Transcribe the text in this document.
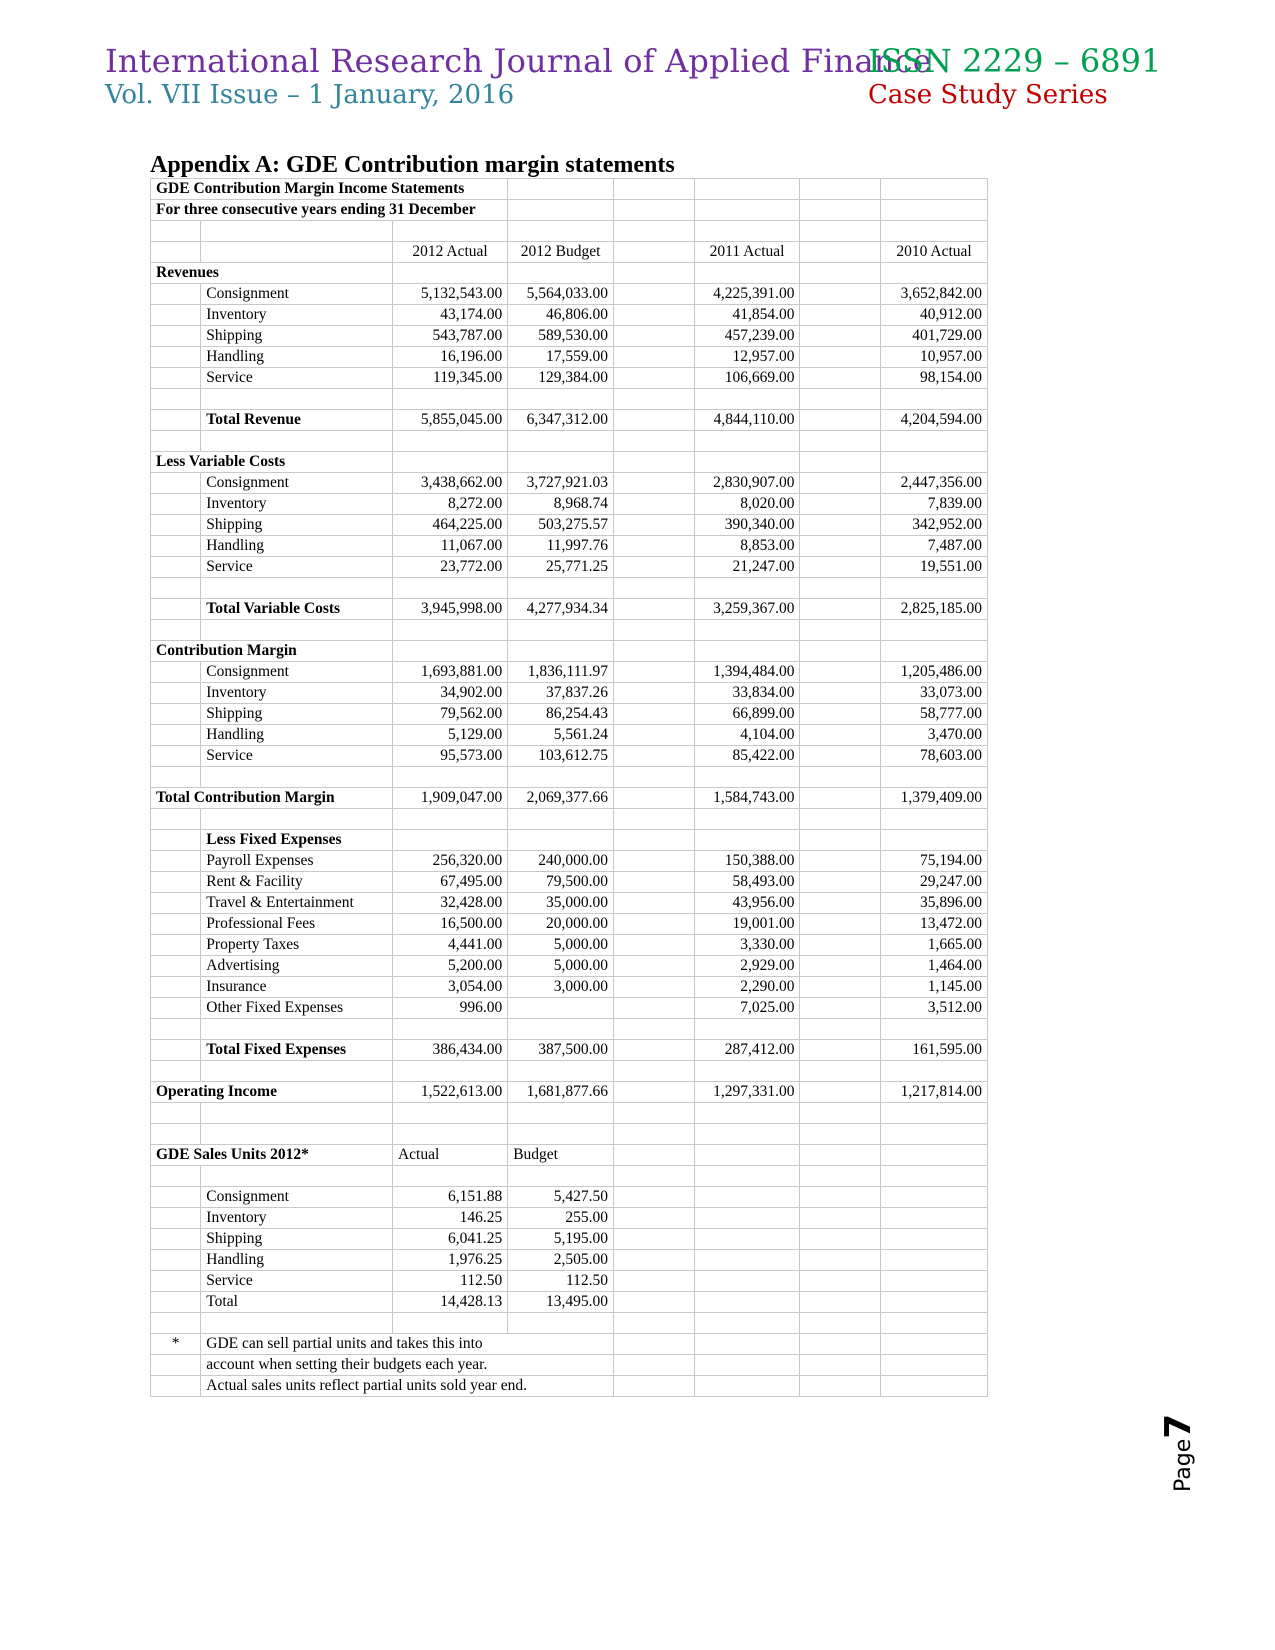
International Research Journal of Applied Finance
ISSN 2229 – 6891
Vol. VII Issue – 1 January, 2016	Case Study Series
Appendix A: GDE Contribution margin statements
GDE Contribution Margin Income Statements							
For three consecutive years ending 31 December							

		2012 Actual	2012 Budget		2011 Actual		2010 Actual
Revenues							
	Consignment	5,132,543.00	5,564,033.00		4,225,391.00		3,652,842.00
	Inventory	43,174.00	46,806.00		41,854.00		40,912.00
	Shipping	543,787.00	589,530.00		457,239.00		401,729.00
	Handling	16,196.00	17,559.00		12,957.00		10,957.00
	Service	119,345.00	129,384.00		106,669.00		98,154.00

	Total Revenue	5,855,045.00	6,347,312.00		4,844,110.00		4,204,594.00

Less Variable Costs							
	Consignment	3,438,662.00	3,727,921.03		2,830,907.00		2,447,356.00
	Inventory	8,272.00	8,968.74		8,020.00		7,839.00
	Shipping	464,225.00	503,275.57		390,340.00		342,952.00
	Handling	11,067.00	11,997.76		8,853.00		7,487.00
	Service	23,772.00	25,771.25		21,247.00		19,551.00

	Total Variable Costs	3,945,998.00	4,277,934.34		3,259,367.00		2,825,185.00

Contribution Margin							
	Consignment	1,693,881.00	1,836,111.97		1,394,484.00		1,205,486.00
	Inventory	34,902.00	37,837.26		33,834.00		33,073.00
	Shipping	79,562.00	86,254.43		66,899.00		58,777.00
	Handling	5,129.00	5,561.24		4,104.00		3,470.00
	Service	95,573.00	103,612.75		85,422.00		78,603.00

Total Contribution Margin		1,909,047.00	2,069,377.66		1,584,743.00		1,379,409.00

	Less Fixed Expenses						
	Payroll Expenses	256,320.00	240,000.00		150,388.00		75,194.00
	Rent & Facility	67,495.00	79,500.00		58,493.00		29,247.00
	Travel & Entertainment	32,428.00	35,000.00		43,956.00		35,896.00
	Professional Fees	16,500.00	20,000.00		19,001.00		13,472.00
	Property Taxes	4,441.00	5,000.00		3,330.00		1,665.00
	Advertising	5,200.00	5,000.00		2,929.00		1,464.00
	Insurance	3,054.00	3,000.00		2,290.00		1,145.00
	Other Fixed Expenses	996.00			7,025.00		3,512.00

	Total Fixed Expenses	386,434.00	387,500.00		287,412.00		161,595.00

Operating Income		1,522,613.00	1,681,877.66		1,297,331.00		1,217,814.00

GDE Sales Units 2012*		Actual	Budget				

	Consignment	6,151.88	5,427.50				
	Inventory	146.25	255.00				
	Shipping	6,041.25	5,195.00				
	Handling	1,976.25	2,505.00				
	Service	112.50	112.50				
	Total	14,428.13	13,495.00				

*	GDE can sell partial units and takes this into						
	account when setting their budgets each year.						
	Actual sales units reflect partial units sold year end.						
Page7
